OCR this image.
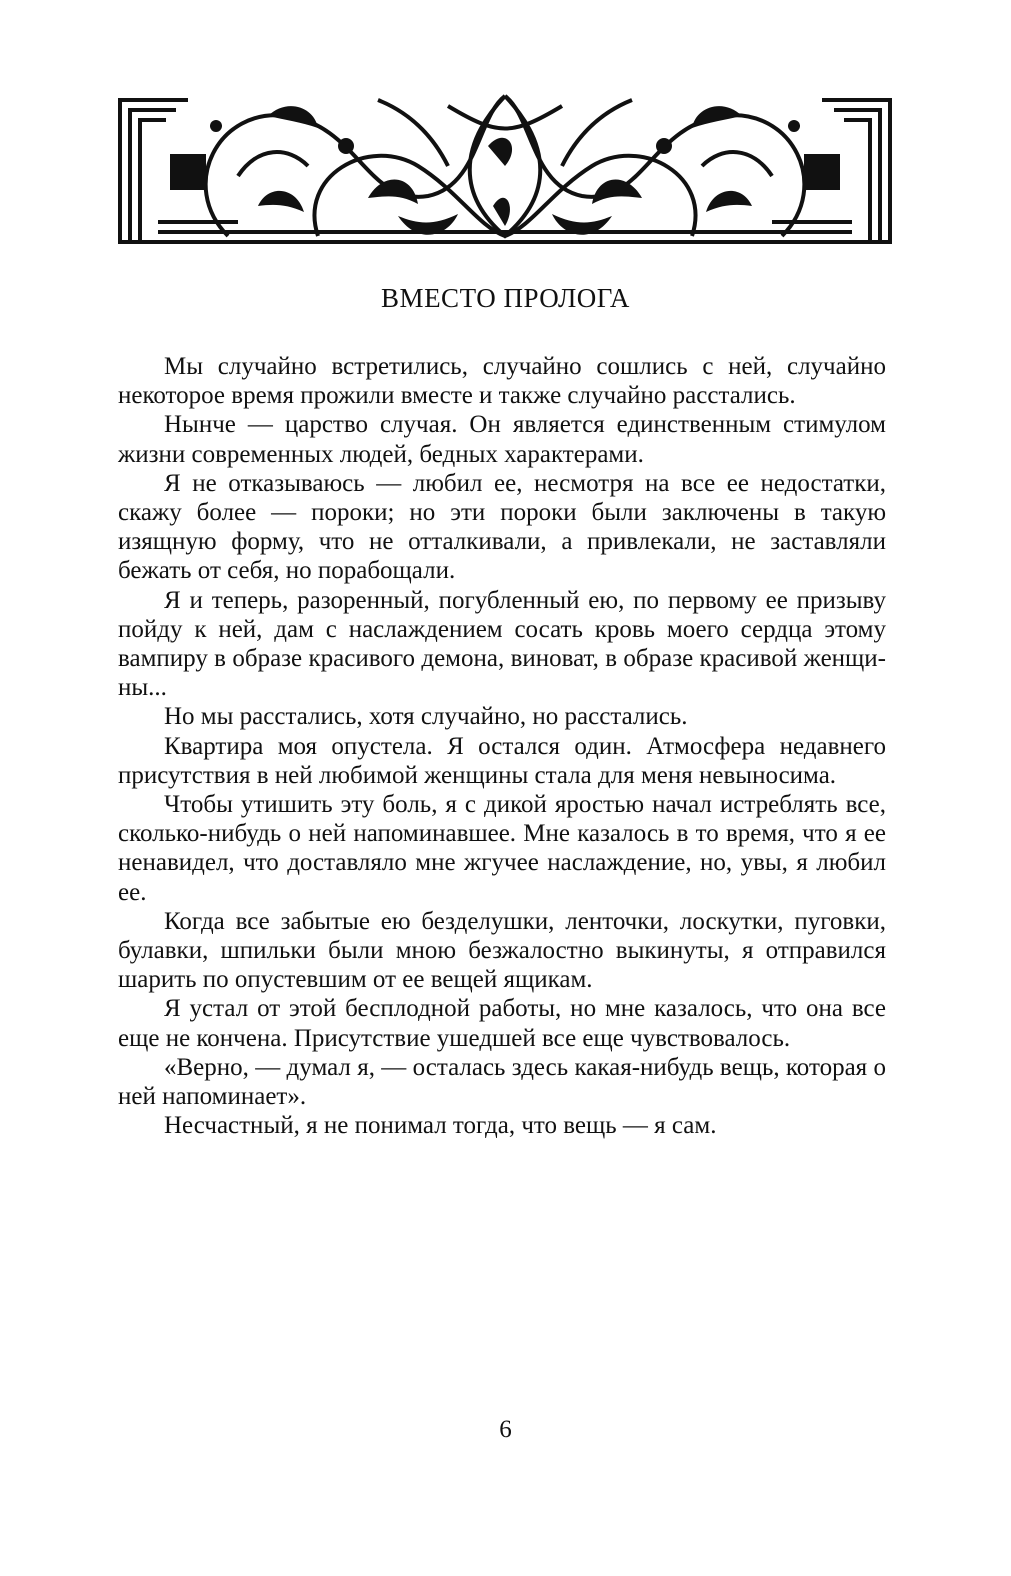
ВМЕСТО ПРОЛОГА

Мы случайно встретились, случайно сошлись с ней, случайно некоторое время прожили вместе и также случайно расстались.

Нынче — царство случая. Он является единственным стимулом жизни современных людей, бедных характерами.

Я не отказываюсь — любил ее, несмотря на все ее недостатки, скажу более — пороки; но эти пороки были заключены в такую изящную форму, что не отталкивали, а привлекали, не заставляли бежать от себя, но порабощали.

Я и теперь, разоренный, погубленный ею, по первому ее призыву пойду к ней, дам с наслаждением сосать кровь моего сердца этому вампиру в образе красивого демона, виноват, в образе красивой женщины...

Но мы расстались, хотя случайно, но расстались.

Квартира моя опустела. Я остался один. Атмосфера недавнего присутствия в ней любимой женщины стала для меня невыносима.

Чтобы утишить эту боль, я с дикой яростью начал истреблять все, сколько-нибудь о ней напоминавшее. Мне казалось в то время, что я ее ненавидел, что доставляло мне жгучее наслаждение, но, увы, я любил ее.

Когда все забытые ею безделушки, ленточки, лоскутки, пуговки, булавки, шпильки были мною безжалостно выкинуты, я отправился шарить по опустевшим от ее вещей ящикам.

Я устал от этой бесплодной работы, но мне казалось, что она все еще не кончена. Присутствие ушедшей все еще чувствовалось.

«Верно, — думал я, — осталась здесь какая-нибудь вещь, которая о ней напоминает».

Несчастный, я не понимал тогда, что вещь — я сам.

6
